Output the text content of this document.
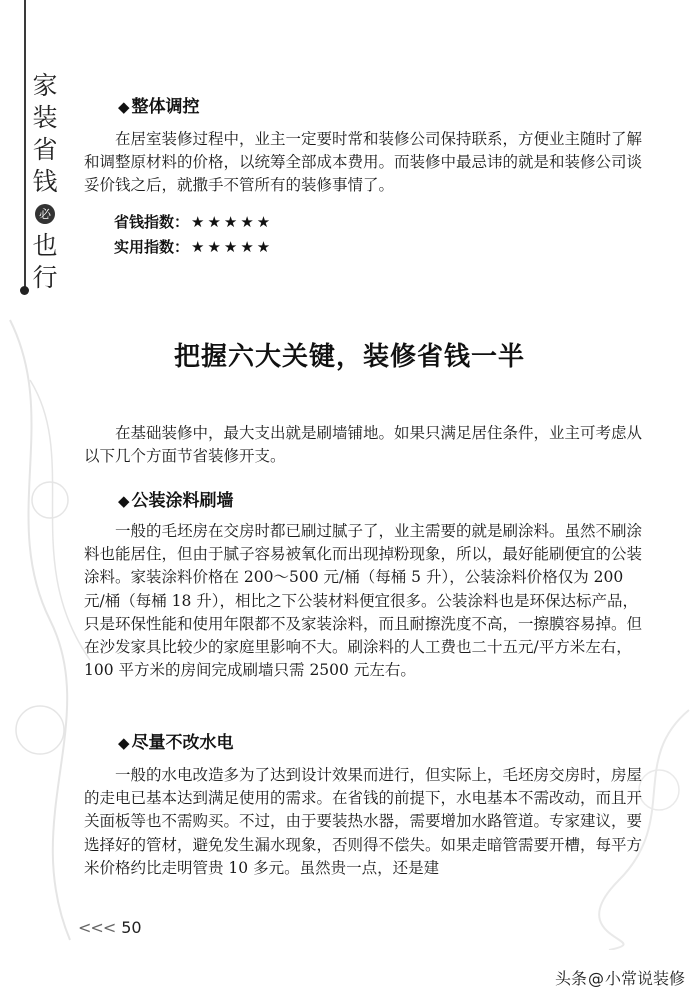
家
装
省
钱
必
也
行
◆ 整体调控
在居室装修过程中，业主一定要时常和装修公司保持联系，方便业主随时了解和调整原材料的价格，以统筹全部成本费用。而装修中最忌讳的就是和装修公司谈妥价钱之后，就撒手不管所有的装修事情了。
省钱指数： ★★★★★
实用指数： ★★★★★
把握六大关键，装修省钱一半
在基础装修中，最大支出就是刷墙铺地。如果只满足居住条件，业主可考虑从以下几个方面节省装修开支。
◆ 公装涂料刷墙
一般的毛坯房在交房时都已刷过腻子了，业主需要的就是刷涂料。虽然不刷涂料也能居住，但由于腻子容易被氧化而出现掉粉现象，所以，最好能刷便宜的公装涂料。家装涂料价格在 200～500 元/桶（每桶 5 升），公装涂料价格仅为 200 元/桶（每桶 18 升），相比之下公装材料便宜很多。公装涂料也是环保达标产品，只是环保性能和使用年限都不及家装涂料，而且耐擦洗度不高，一擦膜容易掉。但在沙发家具比较少的家庭里影响不大。刷涂料的人工费也二十五元/平方米左右，100 平方米的房间完成刷墙只需 2500 元左右。
◆ 尽量不改水电
一般的水电改造多为了达到设计效果而进行，但实际上，毛坯房交房时，房屋的走电已基本达到满足使用的需求。在省钱的前提下，水电基本不需改动，而且开关面板等也不需购买。不过，由于要装热水器，需要增加水路管道。专家建议，要选择好的管材，避免发生漏水现象，否则得不偿失。如果走暗管需要开槽，每平方米价格约比走明管贵 10 多元。虽然贵一点，还是建
<<< 50
头条@小常说装修
